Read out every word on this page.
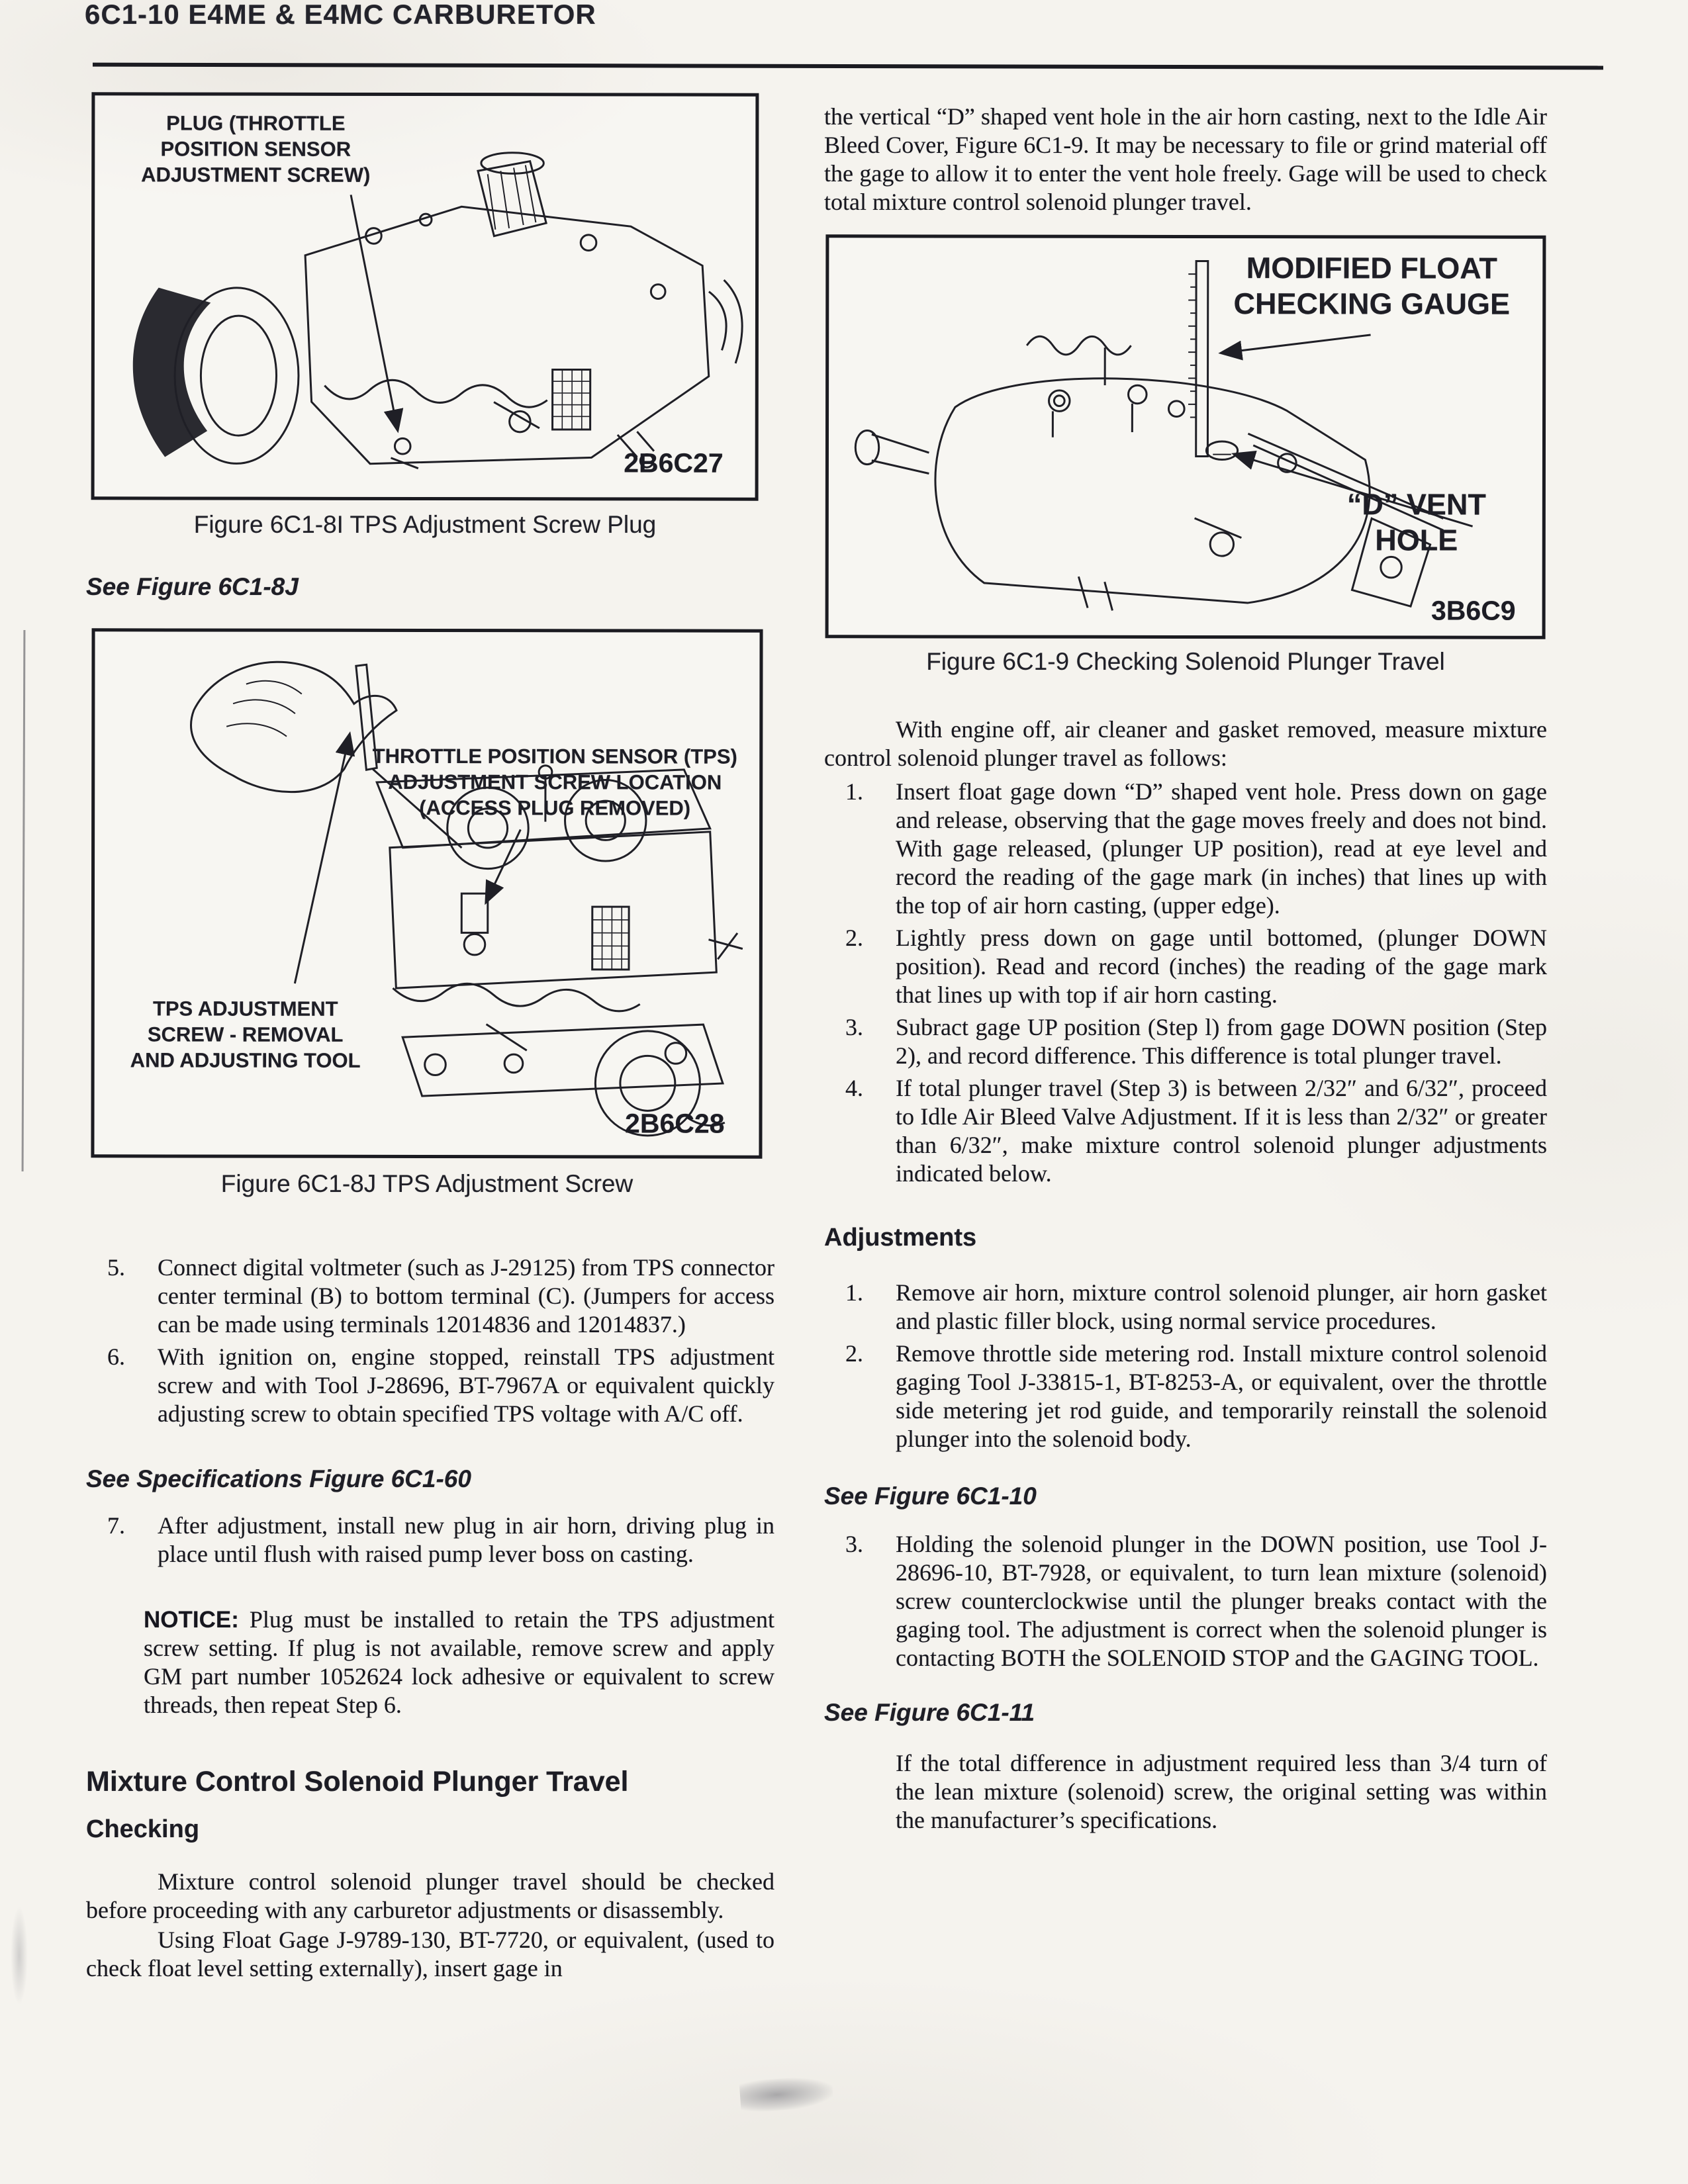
6C1-10 E4ME & E4MC CARBURETOR
PLUG (THROTTLE
POSITION SENSOR
ADJUSTMENT SCREW)
2B6C27
Figure 6C1-8I TPS Adjustment Screw Plug
See Figure 6C1-8J
THROTTLE POSITION SENSOR (TPS)
ADJUSTMENT SCREW LOCATION
(ACCESS PLUG REMOVED)
TPS ADJUSTMENT
SCREW - REMOVAL
AND ADJUSTING TOOL
2B6C28
Figure 6C1-8J TPS Adjustment Screw
5.	Connect digital voltmeter (such as J-29125) from TPS connector center terminal (B) to bottom terminal (C). (Jumpers for access can be made using terminals 12014836 and 12014837.)
6.	With ignition on, engine stopped, reinstall TPS adjustment screw and with Tool J-28696, BT-7967A or equivalent quickly adjusting screw to obtain specified TPS voltage with A/C off.
See Specifications Figure 6C1-60
7.	After adjustment, install new plug in air horn, driving plug in place until flush with raised pump lever boss on casting.
NOTICE: Plug must be installed to retain the TPS adjustment screw setting. If plug is not available, remove screw and apply GM part number 1052624 lock adhesive or equivalent to screw threads, then repeat Step 6.
Mixture Control Solenoid Plunger Travel
Checking
Mixture control solenoid plunger travel should be checked before proceeding with any carburetor adjustments or disassembly.
Using Float Gage J-9789-130, BT-7720, or equivalent, (used to check float level setting externally), insert gage in
the vertical “D” shaped vent hole in the air horn casting, next to the Idle Air Bleed Cover, Figure 6C1-9. It may be necessary to file or grind material off the gage to allow it to enter the vent hole freely. Gage will be used to check total mixture control solenoid plunger travel.
MODIFIED FLOAT
CHECKING GAUGE
“D” VENT
HOLE
3B6C9
Figure 6C1-9 Checking Solenoid Plunger Travel
With engine off, air cleaner and gasket removed, measure mixture control solenoid plunger travel as follows:
1.	Insert float gage down “D” shaped vent hole. Press down on gage and release, observing that the gage moves freely and does not bind. With gage released, (plunger UP position), read at eye level and record the reading of the gage mark (in inches) that lines up with the top of air horn casting, (upper edge).
2.	Lightly press down on gage until bottomed, (plunger DOWN position). Read and record (inches) the reading of the gage mark that lines up with top if air horn casting.
3.	Subract gage UP position (Step l) from gage DOWN position (Step 2), and record difference. This difference is total plunger travel.
4.	If total plunger travel (Step 3) is between 2/32″ and 6/32″, proceed to Idle Air Bleed Valve Adjustment. If it is less than 2/32″ or greater than 6/32″, make mixture control solenoid plunger adjustments indicated below.
Adjustments
1.	Remove air horn, mixture control solenoid plunger, air horn gasket and plastic filler block, using normal service procedures.
2.	Remove throttle side metering rod. Install mixture control solenoid gaging Tool J-33815-1, BT-8253-A, or equivalent, over the throttle side metering jet rod guide, and temporarily reinstall the solenoid plunger into the solenoid body.
See Figure 6C1-10
3.	Holding the solenoid plunger in the DOWN position, use Tool J-28696-10, BT-7928, or equivalent, to turn lean mixture (solenoid) screw counterclockwise until the plunger breaks contact with the gaging tool. The adjustment is correct when the solenoid plunger is contacting BOTH the SOLENOID STOP and the GAGING TOOL.
See Figure 6C1-11
If the total difference in adjustment required less than 3/4 turn of the lean mixture (solenoid) screw, the original setting was within the manufacturer’s specifications.
